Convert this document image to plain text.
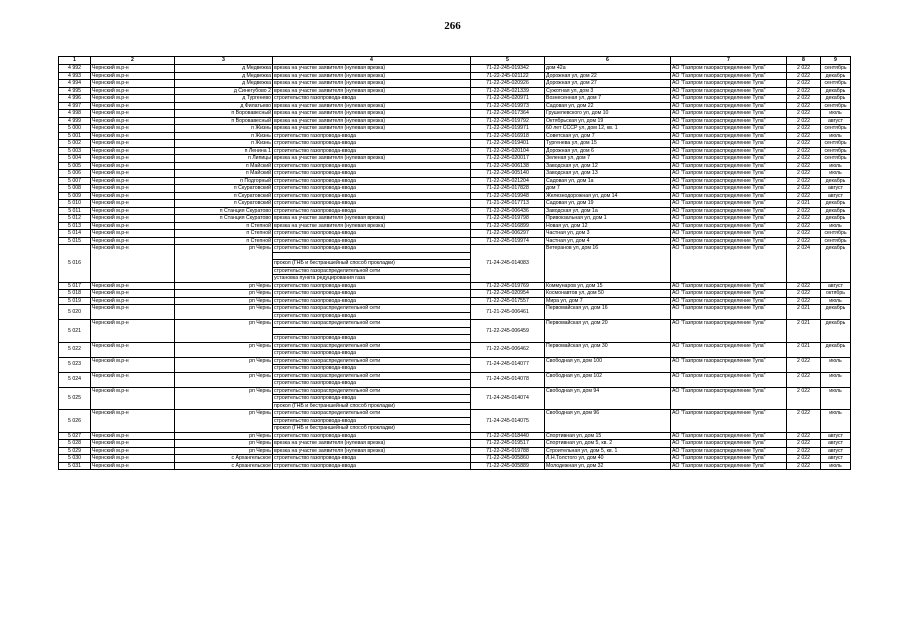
266
1	2	3	4	5	6	7	8	9
4 992	Чернский м.р-н	д Медвежка	врезка на участке заявителя (нулевая врезка)	71-22-245-019342	дом 42а	АО "Газпром газораспределение Тула"	2 022	сентябрь
4 993	Чернский м.р-н	д Медвежка	врезка на участке заявителя (нулевая врезка)	71-22-245-021122	Дорожная ул, дом 22	АО "Газпром газораспределение Тула"	2 022	декабрь
4 994	Чернский м.р-н	д Медвежка	врезка на участке заявителя (нулевая врезка)	71-22-245-020926	Дорожная ул, дом 27	АО "Газпром газораспределение Тула"	2 022	сентябрь
4 995	Чернский м.р-н	д Синегубово 2	врезка на участке заявителя (нулевая врезка)	71-22-245-021339	Сужотная ул, дом 3	АО "Газпром газораспределение Тула"	2 022	декабрь
4 996	Чернский м.р-н	д Тургенево	строительство газопровода-ввода	71-22-245-020971	Вознесенная ул, дом 7	АО "Газпром газораспределение Тула"	2 022	декабрь
4 997	Чернский м.р-н	д Филатьево	врезка на участке заявителя (нулевая врезка)	71-22-245-019973	Садовая ул, дом 22	АО "Газпром газораспределение Тула"	2 022	сентябрь
4 998	Чернский м.р-н	п Воровавесный	врезка на участке заявителя (нулевая врезка)	71-22-245-017364	Грушелевского ул, дом 10	АО "Газпром газораспределение Тула"	2 022	июль
4 999	Чернский м.р-н	п Воровавесный	врезка на участке заявителя (нулевая врезка)	71-22-245-019792	Октябрьская ул, дом 19	АО "Газпром газораспределение Тула"	2 022	август
5 000	Чернский м.р-н	п Жизнь	врезка на участке заявителя (нулевая врезка)	71-22-245-019971	60 лет СССР ул, дом 12, кв. 1	АО "Газпром газораспределение Тула"	2 022	сентябрь
5 001	Чернский м.р-н	п Жизнь	строительство газопровода-ввода	71-22-245-016918	Советская ул, дом 7	АО "Газпром газораспределение Тула"	2 022	июль
5 002	Чернский м.р-н	п Жизнь	строительство газопровода-ввода	71-22-245-019401	Тургенева ул, дом 15	АО "Газпром газораспределение Тула"	2 022	сентябрь
5 003	Чернский м.р-н	п Ленина 1	строительство газопровода-ввода	71-22-245-020104	Дорожная ул, дом 6	АО "Газпром газораспределение Тула"	2 022	сентябрь
5 004	Чернский м.р-н	п Липицы	врезка на участке заявителя (нулевая врезка)	71-22-245-020017	Зеленая ул, дом 7	АО "Газпром газораспределение Тула"	2 022	сентябрь
5 005	Чернский м.р-н	п Майский	строительство газопровода-ввода	71-22-245-006138	Заводская ул, дом 12	АО "Газпром газораспределение Тула"	2 022	июль
5 006	Чернский м.р-н	п Майский	строительство газопровода-ввода	71-22-245-005140	Заводская ул, дом 13	АО "Газпром газораспределение Тула"	2 022	июль
5 007	Чернский м.р-н	п Подгорный	строительство газопровода-ввода	71-22-245-021204	Садовая ул, дом 1а	АО "Газпром газораспределение Тула"	2 022	декабрь
5 008	Чернский м.р-н	п Скуратовский	строительство газопровода-ввода	71-22-245-017828	дом 7	АО "Газпром газораспределение Тула"	2 022	август
5 009	Чернский м.р-н	п Скуратовский	строительство газопровода-ввода	71-22-245-019948	Железнодорожная ул, дом 14	АО "Газпром газораспределение Тула"	2 022	август
5 010	Чернский м.р-н	п Скуратовский	строительство газопровода-ввода	71-21-245-017713	Садовая ул, дом 19	АО "Газпром газораспределение Тула"	2 021	декабрь
5 011	Чернский м.р-н	п Станция Скуратово	строительство газопровода-ввода	71-22-245-006436	Заводская ул, дом 1а	АО "Газпром газораспределение Тула"	2 022	декабрь
5 012	Чернский м.р-н	п Станция Скуратово	врезка на участке заявителя (нулевая врезка)	71-22-245-019798	Привокзальная ул, дом 1	АО "Газпром газораспределение Тула"	2 022	декабрь
5 013	Чернский м.р-н	п Степной	врезка на участке заявителя (нулевая врезка)	71-22-245-016899	Новая ул, дом 12	АО "Газпром газораспределение Тула"	2 022	июль
5 014	Чернский м.р-н	п Степной	строительство газопровода-ввода	71-22-245-006297	Частная ул, дом 3	АО "Газпром газораспределение Тула"	2 022	сентябрь
5 015	Чернский м.р-н	п Степной	строительство газопровода-ввода	71-22-245-019974	Частная ул, дом 4	АО "Газпром газораспределение Тула"	2 022	сентябрь
5 016	Чернский м.р-н	рп Чернь	строительство газопровода-ввода
прокол (ГНБ и бестраншейный способ прокладки)
строительство газораспределительной сети
установка пункта редуцирования газа	71-24-245-014083	Ветеранов ул, дом 16	АО "Газпром газораспределение Тула"	2 024	декабрь
5 017	Чернский м.р-н	рп Чернь	строительство газопровода-ввода	71-22-245-019769	Коммунаров ул, дом 15	АО "Газпром газораспределение Тула"	2 022	август
5 018	Чернский м.р-н	рп Чернь	строительство газопровода-ввода	71-22-245-020954	Космонавтов ул, дом 50	АО "Газпром газораспределение Тула"	2 022	октябрь
5 019	Чернский м.р-н	рп Чернь	строительство газопровода-ввода	71-22-245-017557	Мира ул, дом 7	АО "Газпром газораспределение Тула"	2 022	июль
5 020	Чернский м.р-н	рп Чернь	строительство газораспределительной сети
строительство газопровода-ввода	71-21-245-006461	Первомайская ул, дом 16	АО "Газпром газораспределение Тула"	2 021	декабрь
5 021	Чернский м.р-н	рп Чернь	строительство газораспределительной сети
строительство газопровода-ввода	71-22-245-006459	Первомайская ул, дом 20	АО "Газпром газораспределение Тула"	2 021	декабрь
5 022	Чернский м.р-н	рп Чернь	строительство газораспределительной сети
строительство газопровода-ввода	71-22-245-006462	Первомайская ул, дом 30	АО "Газпром газораспределение Тула"	2 021	декабрь
5 023	Чернский м.р-н	рп Чернь	строительство газораспределительной сети
строительство газопровода-ввода	71-24-245-014077	Свободная ул, дом 100	АО "Газпром газораспределение Тула"	2 022	июль
5 024	Чернский м.р-н	рп Чернь	строительство газораспределительной сети
строительство газопровода-ввода	71-24-245-014078	Свободная ул, дом 102	АО "Газпром газораспределение Тула"	2 022	июль
5 025	Чернский м.р-н	рп Чернь	строительство газораспределительной сети
строительство газопровода-ввода
прокол (ГНБ и бестраншейный способ прокладки)	71-24-245-014074	Свободная ул, дом 94	АО "Газпром газораспределение Тула"	2 022	июль
5 026	Чернский м.р-н	рп Чернь	строительство газораспределительной сети
строительство газопровода-ввода
прокол (ГНБ и бестраншейный способ прокладки)	71-24-245-014075	Свободная ул, дом 96	АО "Газпром газораспределение Тула"	2 022	июль
5 027	Чернский м.р-н	рп Чернь	строительство газопровода-ввода	71-22-245-018440	Спортивная ул, дом 15	АО "Газпром газораспределение Тула"	2 022	август
5 028	Чернский м.р-н	рп Чернь	врезка на участке заявителя (нулевая врезка)	71-22-245-019517	Спортивная ул, дом 5, кв. 2	АО "Газпром газораспределение Тула"	2 022	август
5 029	Чернский м.р-н	рп Чернь	врезка на участке заявителя (нулевая врезка)	71-22-245-019788	Строительная ул, дом 5, кв. 1	АО "Газпром газораспределение Тула"	2 022	август
5 030	Чернский м.р-н	с Архангельское	строительство газопровода-ввода	71-22-245-005860	Л.Н.Толстого ул, дом 40	АО "Газпром газораспределение Тула"	2 022	август
5 031	Чернский м.р-н	с Архангельское	строительство газопровода-ввода	71-22-245-005889	Молодежная ул, дом 32	АО "Газпром газораспределение Тула"	2 022	июль
